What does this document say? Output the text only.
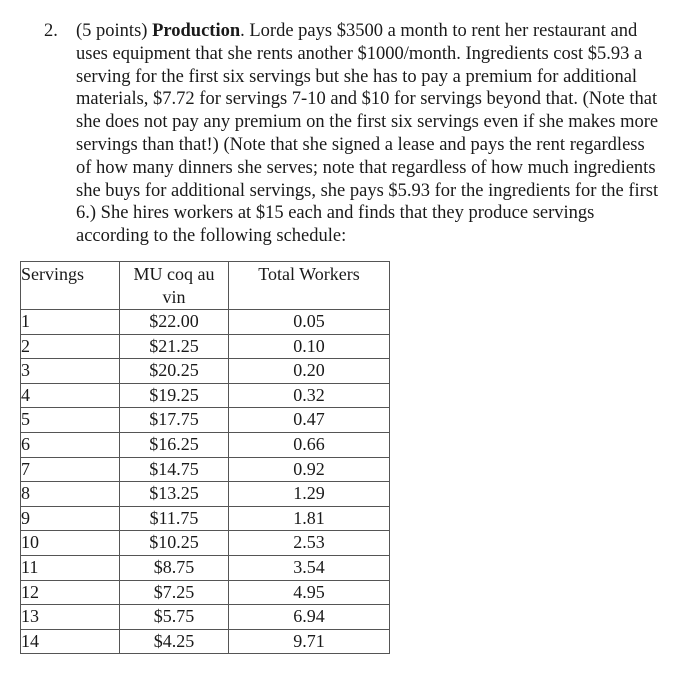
2. (5 points) Production. Lorde pays $3500 a month to rent her restaurant and
uses equipment that she rents another $1000/month. Ingredients cost $5.93 a
serving for the first six servings but she has to pay a premium for additional
materials, $7.72 for servings 7-10 and $10 for servings beyond that. (Note that
she does not pay any premium on the first six servings even if she makes more
servings than that!) (Note that she signed a lease and pays the rent regardless
of how many dinners she serves; note that regardless of how much ingredients
she buys for additional servings, she pays $5.93 for the ingredients for the first
6.) She hires workers at $15 each and finds that they produce servings
according to the following schedule:
Servings	MU coq au vin	Total Workers
1	$22.00	0.05
2	$21.25	0.10
3	$20.25	0.20
4	$19.25	0.32
5	$17.75	0.47
6	$16.25	0.66
7	$14.75	0.92
8	$13.25	1.29
9	$11.75	1.81
10	$10.25	2.53
11	$8.75	3.54
12	$7.25	4.95
13	$5.75	6.94
14	$4.25	9.71
